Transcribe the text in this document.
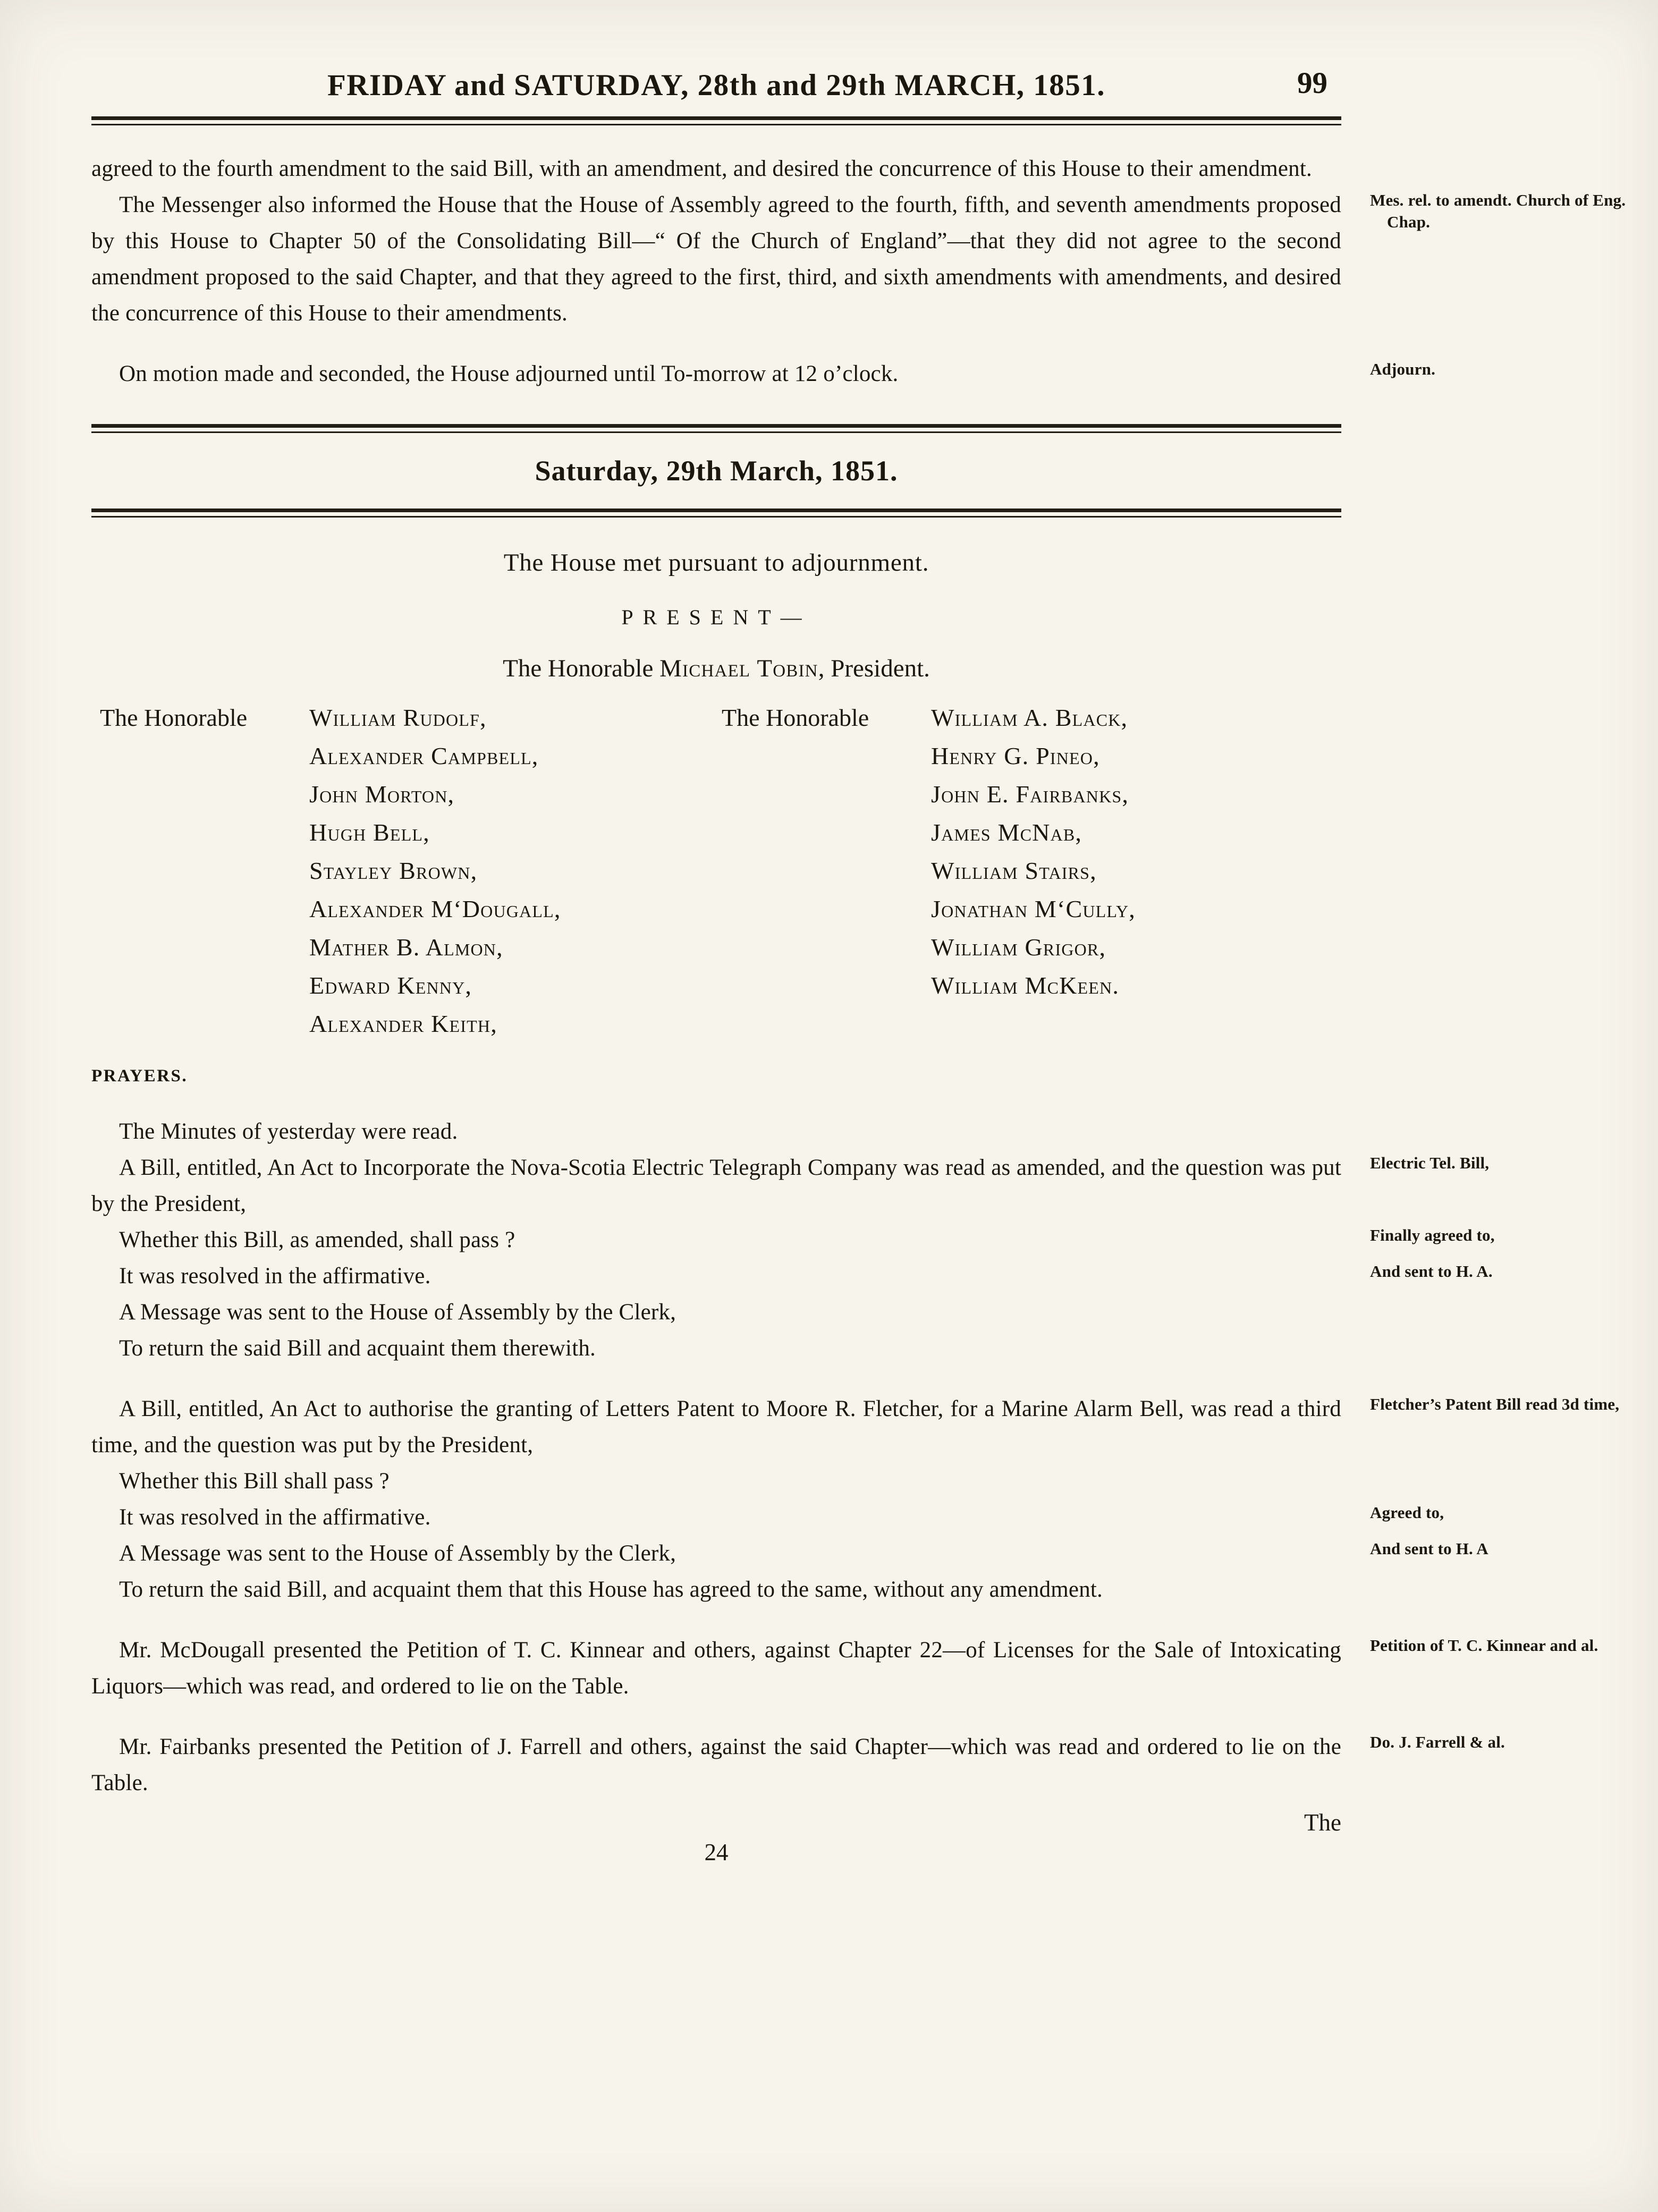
FRIDAY and SATURDAY, 28th and 29th MARCH, 1851.	99

agreed to the fourth amendment to the said Bill, with an amendment, and desired the concurrence of this House to their amendment.

The Messenger also informed the House that the House of Assembly agreed to the fourth, fifth, and seventh amendments proposed by this House to Chapter 50 of the Consolidating Bill—“ Of the Church of England”—that they did not agree to the second amendment proposed to the said Chapter, and that they agreed to the first, third, and sixth amendments with amendments, and desired the concurrence of this House to their amendments.

Mes. rel. to amendt. Church of Eng. Chap.

On motion made and seconded, the House adjourned until To-morrow at 12 o’clock.	Adjourn.

Saturday, 29th March, 1851.
The House met pursuant to adjournment.
PRESENT—
The Honorable Michael Tobin, President.
The Honorable	William Rudolf,
Alexander Campbell,
John Morton,
Hugh Bell,
Stayley Brown,
Alexander M‘Dougall,
Mather B. Almon,
Edward Kenny,
Alexander Keith,
The Honorable	William A. Black,
Henry G. Pineo,
John E. Fairbanks,
James McNab,
William Stairs,
Jonathan M‘Cully,
William Grigor,
William McKeen.
PRAYERS.

The Minutes of yesterday were read.

A Bill, entitled, An Act to Incorporate the Nova-Scotia Electric Telegraph Company was read as amended, and the question was put by the President,

Electric Tel. Bill,

Whether this Bill, as amended, shall pass ?	Finally agreed to,

It was resolved in the affirmative.	And sent to H. A.

A Message was sent to the House of Assembly by the Clerk,

To return the said Bill and acquaint them therewith.

A Bill, entitled, An Act to authorise the granting of Letters Patent to Moore R. Fletcher, for a Marine Alarm Bell, was read a third time, and the question was put by the President,

Fletcher’s Patent Bill read 3d time,

Whether this Bill shall pass ?

It was resolved in the affirmative.	Agreed to,

A Message was sent to the House of Assembly by the Clerk,	And sent to H. A

To return the said Bill, and acquaint them that this House has agreed to the same, without any amendment.

Mr. McDougall presented the Petition of T. C. Kinnear and others, against Chapter 22—of Licenses for the Sale of Intoxicating Liquors—which was read, and ordered to lie on the Table.

Petition of T. C. Kinnear and al.

Mr. Fairbanks presented the Petition of J. Farrell and others, against the said Chapter—which was read and ordered to lie on the Table.

Do. J. Farrell & al.

The
24
